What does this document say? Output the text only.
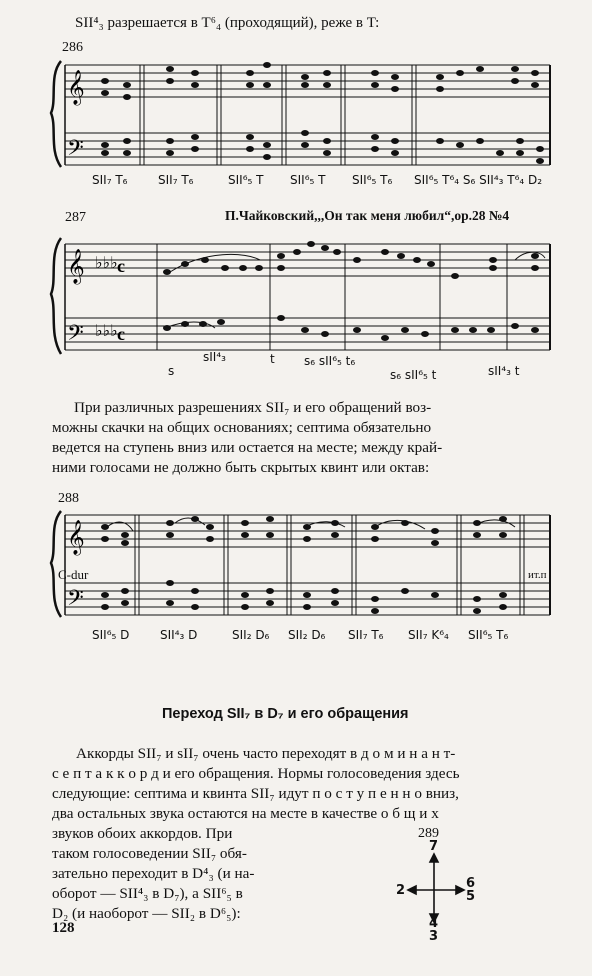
SII⁴₃ разрешается в T⁶₄ (проходящий), реже в T:
286
𝄞
𝄢
SII₇ T₆	SII₇ T₆	SII⁶₅ T SII⁶₅ T SII⁶₅ T₆ SII⁶₅ T⁶₄ S₆ SII⁴₃ T⁶₄ D₂
287	П.Чайковский,,,Он так меня любил“,ор.28 №4
𝄞
𝄢
♭♭♭
♭♭♭
c
c
s
sII⁴₃	t s₆ sII⁶₅ t₆
s₆ sII⁶₅ t	sII⁴₃ t
При различных разрешениях SII₇ и его обращений воз-
можны скачки на общих основаниях; септима обязательно
ведется на ступень вниз или остается на месте; между край-
ними голосами не должно быть скрытых квинт или октав:
288
𝄞
𝄢
C-dur	ит.п
SII⁶₅ D	SII⁴₃ D	SII₂ D₆ SII₂ D₆ SII₇ T₆ SII₇ K⁶₄ SII⁶₅ T₆
Переход SII₇ в D₇ и его обращения
Аккорды SII₇ и sII₇ очень часто переходят в д о м и н а н т-
с е п т а к к о р д и его обращения. Нормы голосоведения здесь
следующие: септима и квинта SII₇ идут п о с т у п е н н о вниз,
два остальных звука остаются на месте в качестве о б щ и х
звуков обоих аккордов. При
таком голосоведении SII₇ обя-
зательно переходит в D⁴₃ (и на-
оборот — SII⁴₃ в D₇), а SII⁶₅ в
D₂ (и наоборот — SII₂ в D⁶₅):
289
7
2	6
5
4
3
128
